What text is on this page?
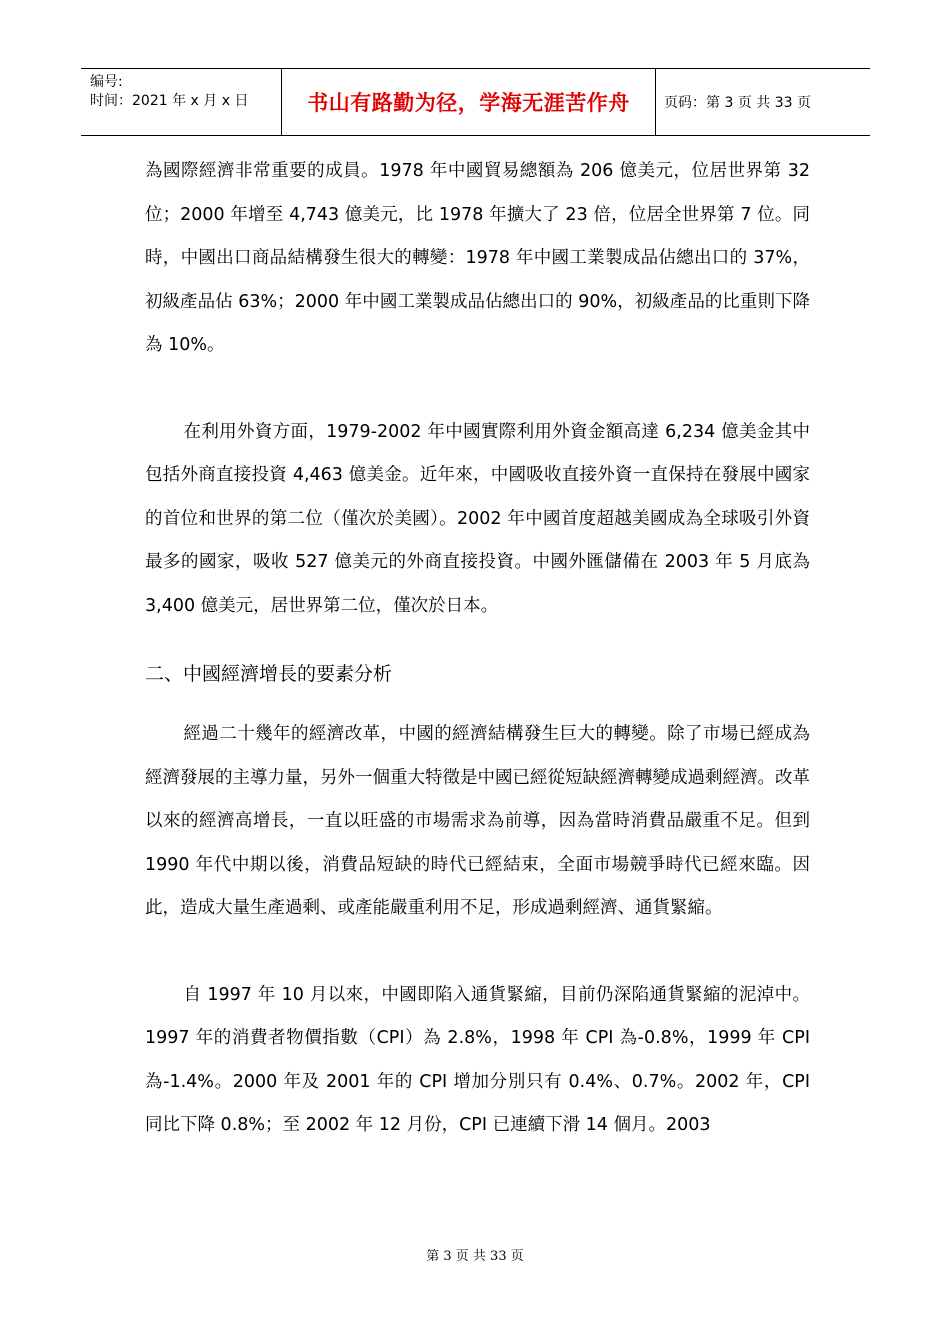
编号:
时间：2021 年 x 月 x 日	书山有路勤为径，学海无涯苦作舟	页码：第 3 页 共 33 页

為國際經濟非常重要的成員。1978 年中國貿易總額為 206 億美元，位居世界第 32 位；2000 年增至 4,743 億美元，比 1978 年擴大了 23 倍，位居全世界第 7 位。同時，中國出口商品結構發生很大的轉變：1978 年中國工業製成品佔總出口的 37%，初級產品佔 63%；2000 年中國工業製成品佔總出口的 90%，初級產品的比重則下降為 10%。

在利用外資方面，1979-2002 年中國實際利用外資金額高達 6,234 億美金其中包括外商直接投資 4,463 億美金。近年來，中國吸收直接外資一直保持在發展中國家的首位和世界的第二位（僅次於美國）。2002 年中國首度超越美國成為全球吸引外資最多的國家，吸收 527 億美元的外商直接投資。中國外匯儲備在 2003 年 5 月底為 3,400 億美元，居世界第二位，僅次於日本。

二、中國經濟增長的要素分析

經過二十幾年的經濟改革，中國的經濟結構發生巨大的轉變。除了市場已經成為經濟發展的主導力量，另外一個重大特徵是中國已經從短缺經濟轉變成過剩經濟。改革以來的經濟高增長，一直以旺盛的市場需求為前導，因為當時消費品嚴重不足。但到 1990 年代中期以後，消費品短缺的時代已經結束，全面市場競爭時代已經來臨。因此，造成大量生產過剩、或產能嚴重利用不足，形成過剩經濟、通貨緊縮。

自 1997 年 10 月以來，中國即陷入通貨緊縮，目前仍深陷通貨緊縮的泥淖中。1997 年的消費者物價指數（CPI）為 2.8%，1998 年 CPI 為-0.8%，1999 年 CPI 為-1.4%。2000 年及 2001 年的 CPI 增加分別只有 0.4%、0.7%。2002 年，CPI 同比下降 0.8%；至 2002 年 12 月份，CPI 已連續下滑 14 個月。2003

第 3 页 共 33 页
